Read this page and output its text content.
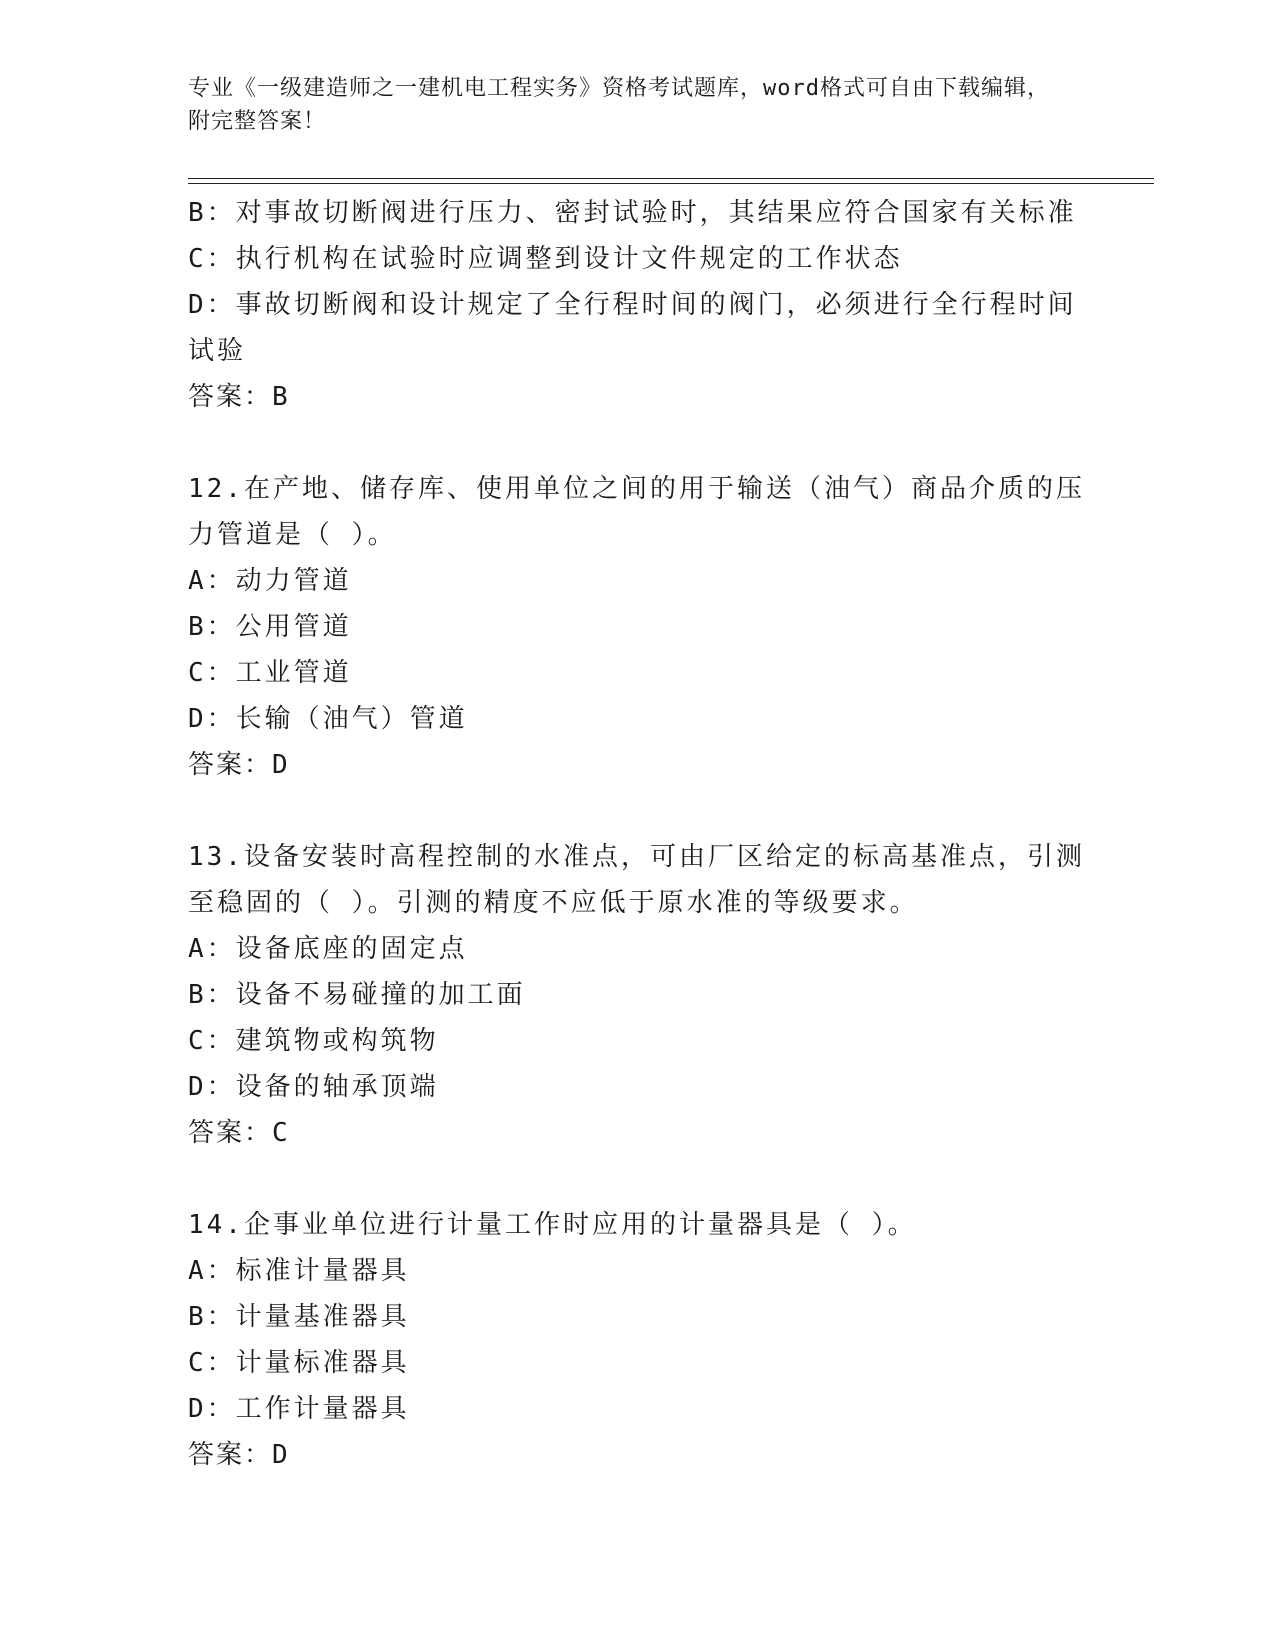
专业《一级建造师之一建机电工程实务》资格考试题库，word格式可自由下载编辑，附完整答案！
B：对事故切断阀进行压力、密封试验时，其结果应符合国家有关标准
C：执行机构在试验时应调整到设计文件规定的工作状态
D：事故切断阀和设计规定了全行程时间的阀门，必须进行全行程时间试验
答案：B
12.在产地、储存库、使用单位之间的用于输送（油气）商品介质的压力管道是（ ）。
A：动力管道
B：公用管道
C：工业管道
D：长输（油气）管道
答案：D
13.设备安装时高程控制的水准点，可由厂区给定的标高基准点，引测至稳固的（ ）。引测的精度不应低于原水准的等级要求。
A：设备底座的固定点
B：设备不易碰撞的加工面
C：建筑物或构筑物
D：设备的轴承顶端
答案：C
14.企事业单位进行计量工作时应用的计量器具是（ ）。
A：标准计量器具
B：计量基准器具
C：计量标准器具
D：工作计量器具
答案：D
